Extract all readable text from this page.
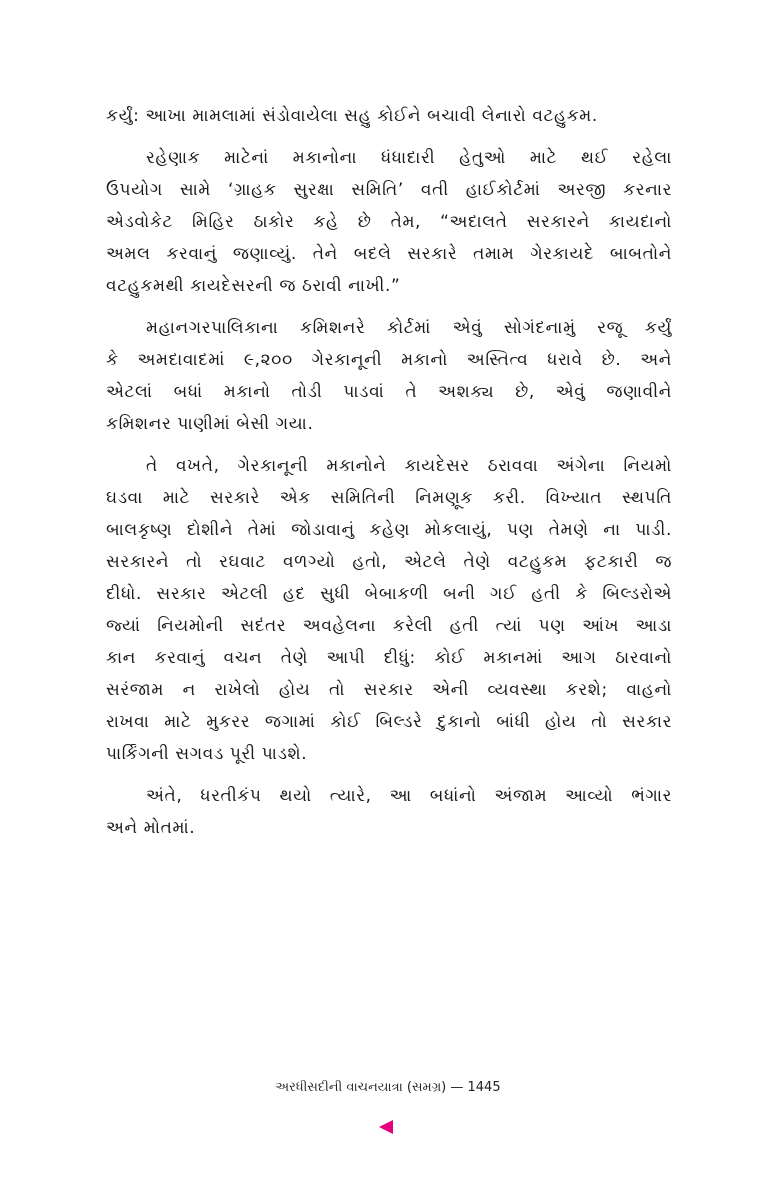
કર્યું: આખા મામલામાં સંડોવાયેલા સહુ કોઈને બચાવી લેનારો વટહુકમ.
રહેણાક માટેનાં મકાનોના ધંધાદારી હેતુઓ માટે થઈ રહેલા
ઉપયોગ સામે ‘ગ્રાહક સુરક્ષા સમિતિ’ વતી હાઈકોર્ટમાં અરજી કરનાર
એડવોકેટ મિહિર ઠાકોર કહે છે તેમ, “અદાલતે સરકારને કાયદાનો
અમલ કરવાનું જણાવ્યું. તેને બદલે સરકારે તમામ ગેરકાયદે બાબતોને
વટહુકમથી કાયદેસરની જ ઠરાવી નાખી.”
મહાનગરપાલિકાના કમિશનરે કોર્ટમાં એવું સોગંદનામું રજૂ કર્યું
કે અમદાવાદમાં ૯,૨૦૦ ગેરકાનૂની મકાનો અસ્તિત્વ ધરાવે છે. અને
એટલાં બધાં મકાનો તોડી પાડવાં તે અશક્ય છે, એવું જણાવીને
કમિશનર પાણીમાં બેસી ગયા.
તે વખતે, ગેરકાનૂની મકાનોને કાયદેસર ઠરાવવા અંગેના નિયમો
ઘડવા માટે સરકારે એક સમિતિની નિમણૂક કરી. વિખ્યાત સ્થપતિ
બાલકૃષ્ણ દોશીને તેમાં જોડાવાનું કહેણ મોકલાયું, પણ તેમણે ના પાડી.
સરકારને તો રઘવાટ વળગ્યો હતો, એટલે તેણે વટહુકમ ફટકારી જ
દીધો. સરકાર એટલી હદ સુધી બેબાકળી બની ગઈ હતી કે બિલ્ડરોએ
જ્યાં નિયમોની સદંતર અવહેલના કરેલી હતી ત્યાં પણ આંખ આડા
કાન કરવાનું વચન તેણે આપી દીધું: કોઈ મકાનમાં આગ ઠારવાનો
સરંજામ ન રાખેલો હોય તો સરકાર એની વ્યવસ્થા કરશે; વાહનો
રાખવા માટે મુકરર જગામાં કોઈ બિલ્ડરે દુકાનો બાંધી હોય તો સરકાર
પાર્કિંગની સગવડ પૂરી પાડશે.
અંતે, ધરતીકંપ થયો ત્યારે, આ બધાંનો અંજામ આવ્યો ભંગાર
અને મોતમાં.
અરધીસદીની વાચનયાત્રા (સમગ્ર) — 1445
